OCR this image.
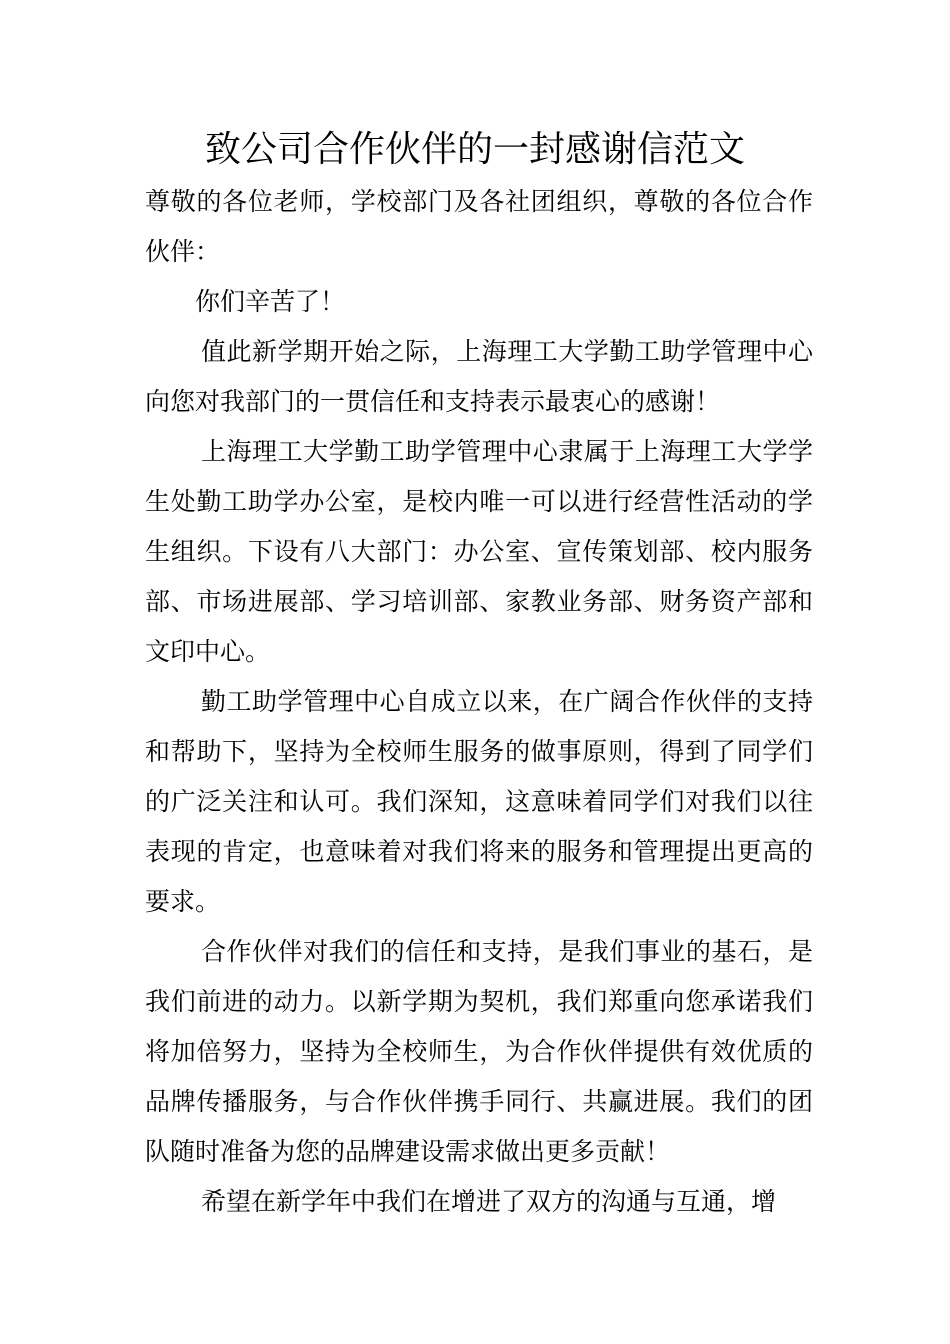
致公司合作伙伴的一封感谢信范文

尊敬的各位老师，学校部门及各社团组织，尊敬的各位合作伙伴：

你们辛苦了！

值此新学期开始之际，上海理工大学勤工助学管理中心向您对我部门的一贯信任和支持表示最衷心的感谢！

上海理工大学勤工助学管理中心隶属于上海理工大学学生处勤工助学办公室，是校内唯一可以进行经营性活动的学生组织。下设有八大部门：办公室、宣传策划部、校内服务部、市场进展部、学习培训部、家教业务部、财务资产部和文印中心。

勤工助学管理中心自成立以来，在广阔合作伙伴的支持和帮助下，坚持为全校师生服务的做事原则，得到了同学们的广泛关注和认可。我们深知，这意味着同学们对我们以往表现的肯定，也意味着对我们将来的服务和管理提出更高的要求。

合作伙伴对我们的信任和支持，是我们事业的基石，是我们前进的动力。以新学期为契机，我们郑重向您承诺我们将加倍努力，坚持为全校师生，为合作伙伴提供有效优质的品牌传播服务，与合作伙伴携手同行、共赢进展。我们的团队随时准备为您的品牌建设需求做出更多贡献！

希望在新学年中我们在增进了双方的沟通与互通，增
